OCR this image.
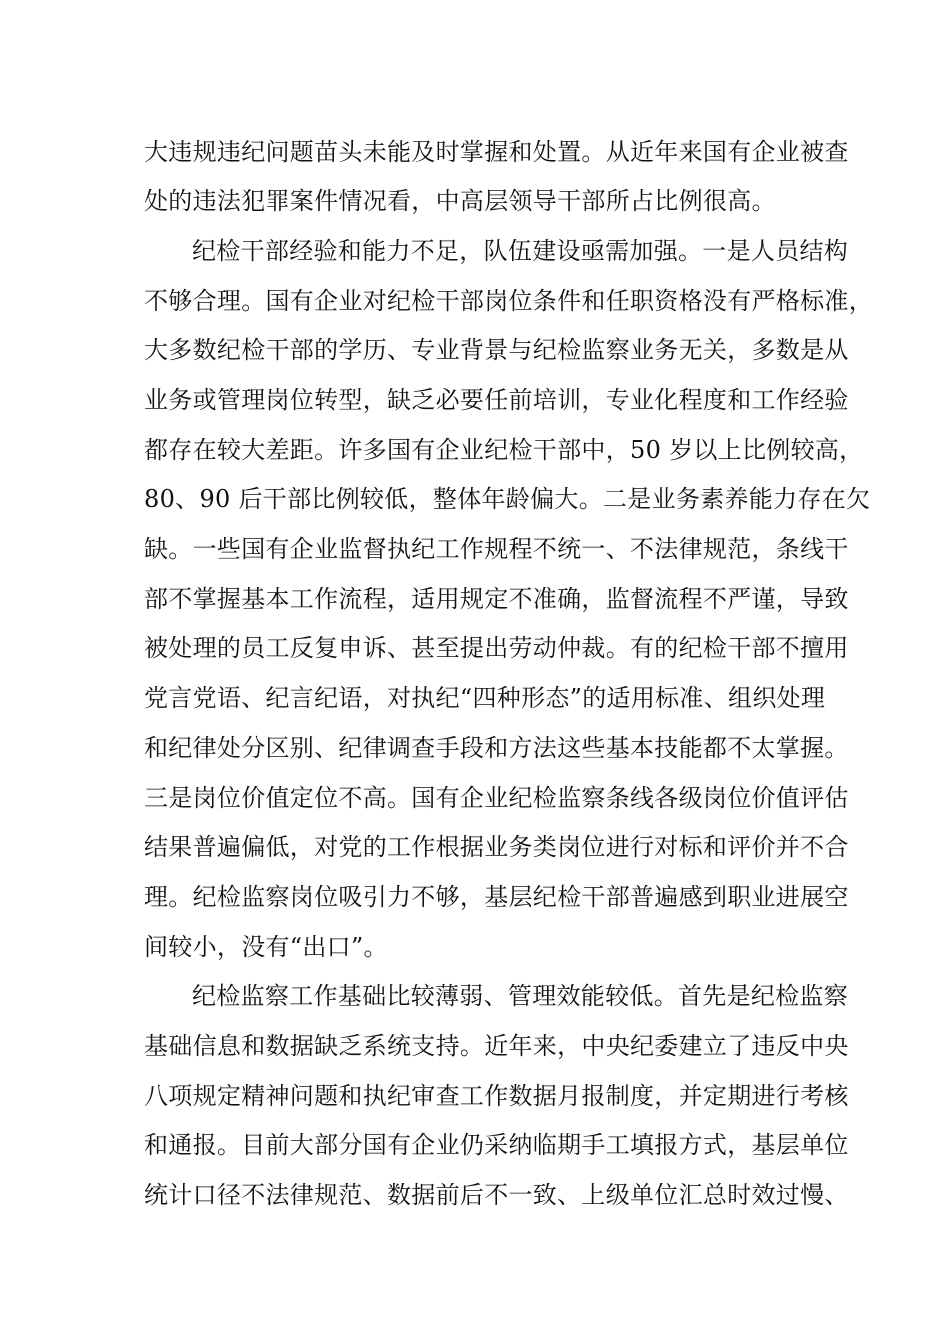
大违规违纪问题苗头未能及时掌握和处置。从近年来国有企业被查
处的违法犯罪案件情况看，中高层领导干部所占比例很高。
纪检干部经验和能力不足，队伍建设亟需加强。一是人员结构
不够合理。国有企业对纪检干部岗位条件和任职资格没有严格标准，
大多数纪检干部的学历、专业背景与纪检监察业务无关，多数是从
业务或管理岗位转型，缺乏必要任前培训，专业化程度和工作经验
都存在较大差距。许多国有企业纪检干部中，50 岁以上比例较高，
80、90 后干部比例较低，整体年龄偏大。二是业务素养能力存在欠
缺。一些国有企业监督执纪工作规程不统一、不法律规范，条线干
部不掌握基本工作流程，适用规定不准确，监督流程不严谨，导致
被处理的员工反复申诉、甚至提出劳动仲裁。有的纪检干部不擅用
党言党语、纪言纪语，对执纪“四种形态”的适用标准、组织处理
和纪律处分区别、纪律调查手段和方法这些基本技能都不太掌握。
三是岗位价值定位不高。国有企业纪检监察条线各级岗位价值评估
结果普遍偏低，对党的工作根据业务类岗位进行对标和评价并不合
理。纪检监察岗位吸引力不够，基层纪检干部普遍感到职业进展空
间较小，没有“出口”。
纪检监察工作基础比较薄弱、管理效能较低。首先是纪检监察
基础信息和数据缺乏系统支持。近年来，中央纪委建立了违反中央
八项规定精神问题和执纪审查工作数据月报制度，并定期进行考核
和通报。目前大部分国有企业仍采纳临期手工填报方式，基层单位
统计口径不法律规范、数据前后不一致、上级单位汇总时效过慢、
